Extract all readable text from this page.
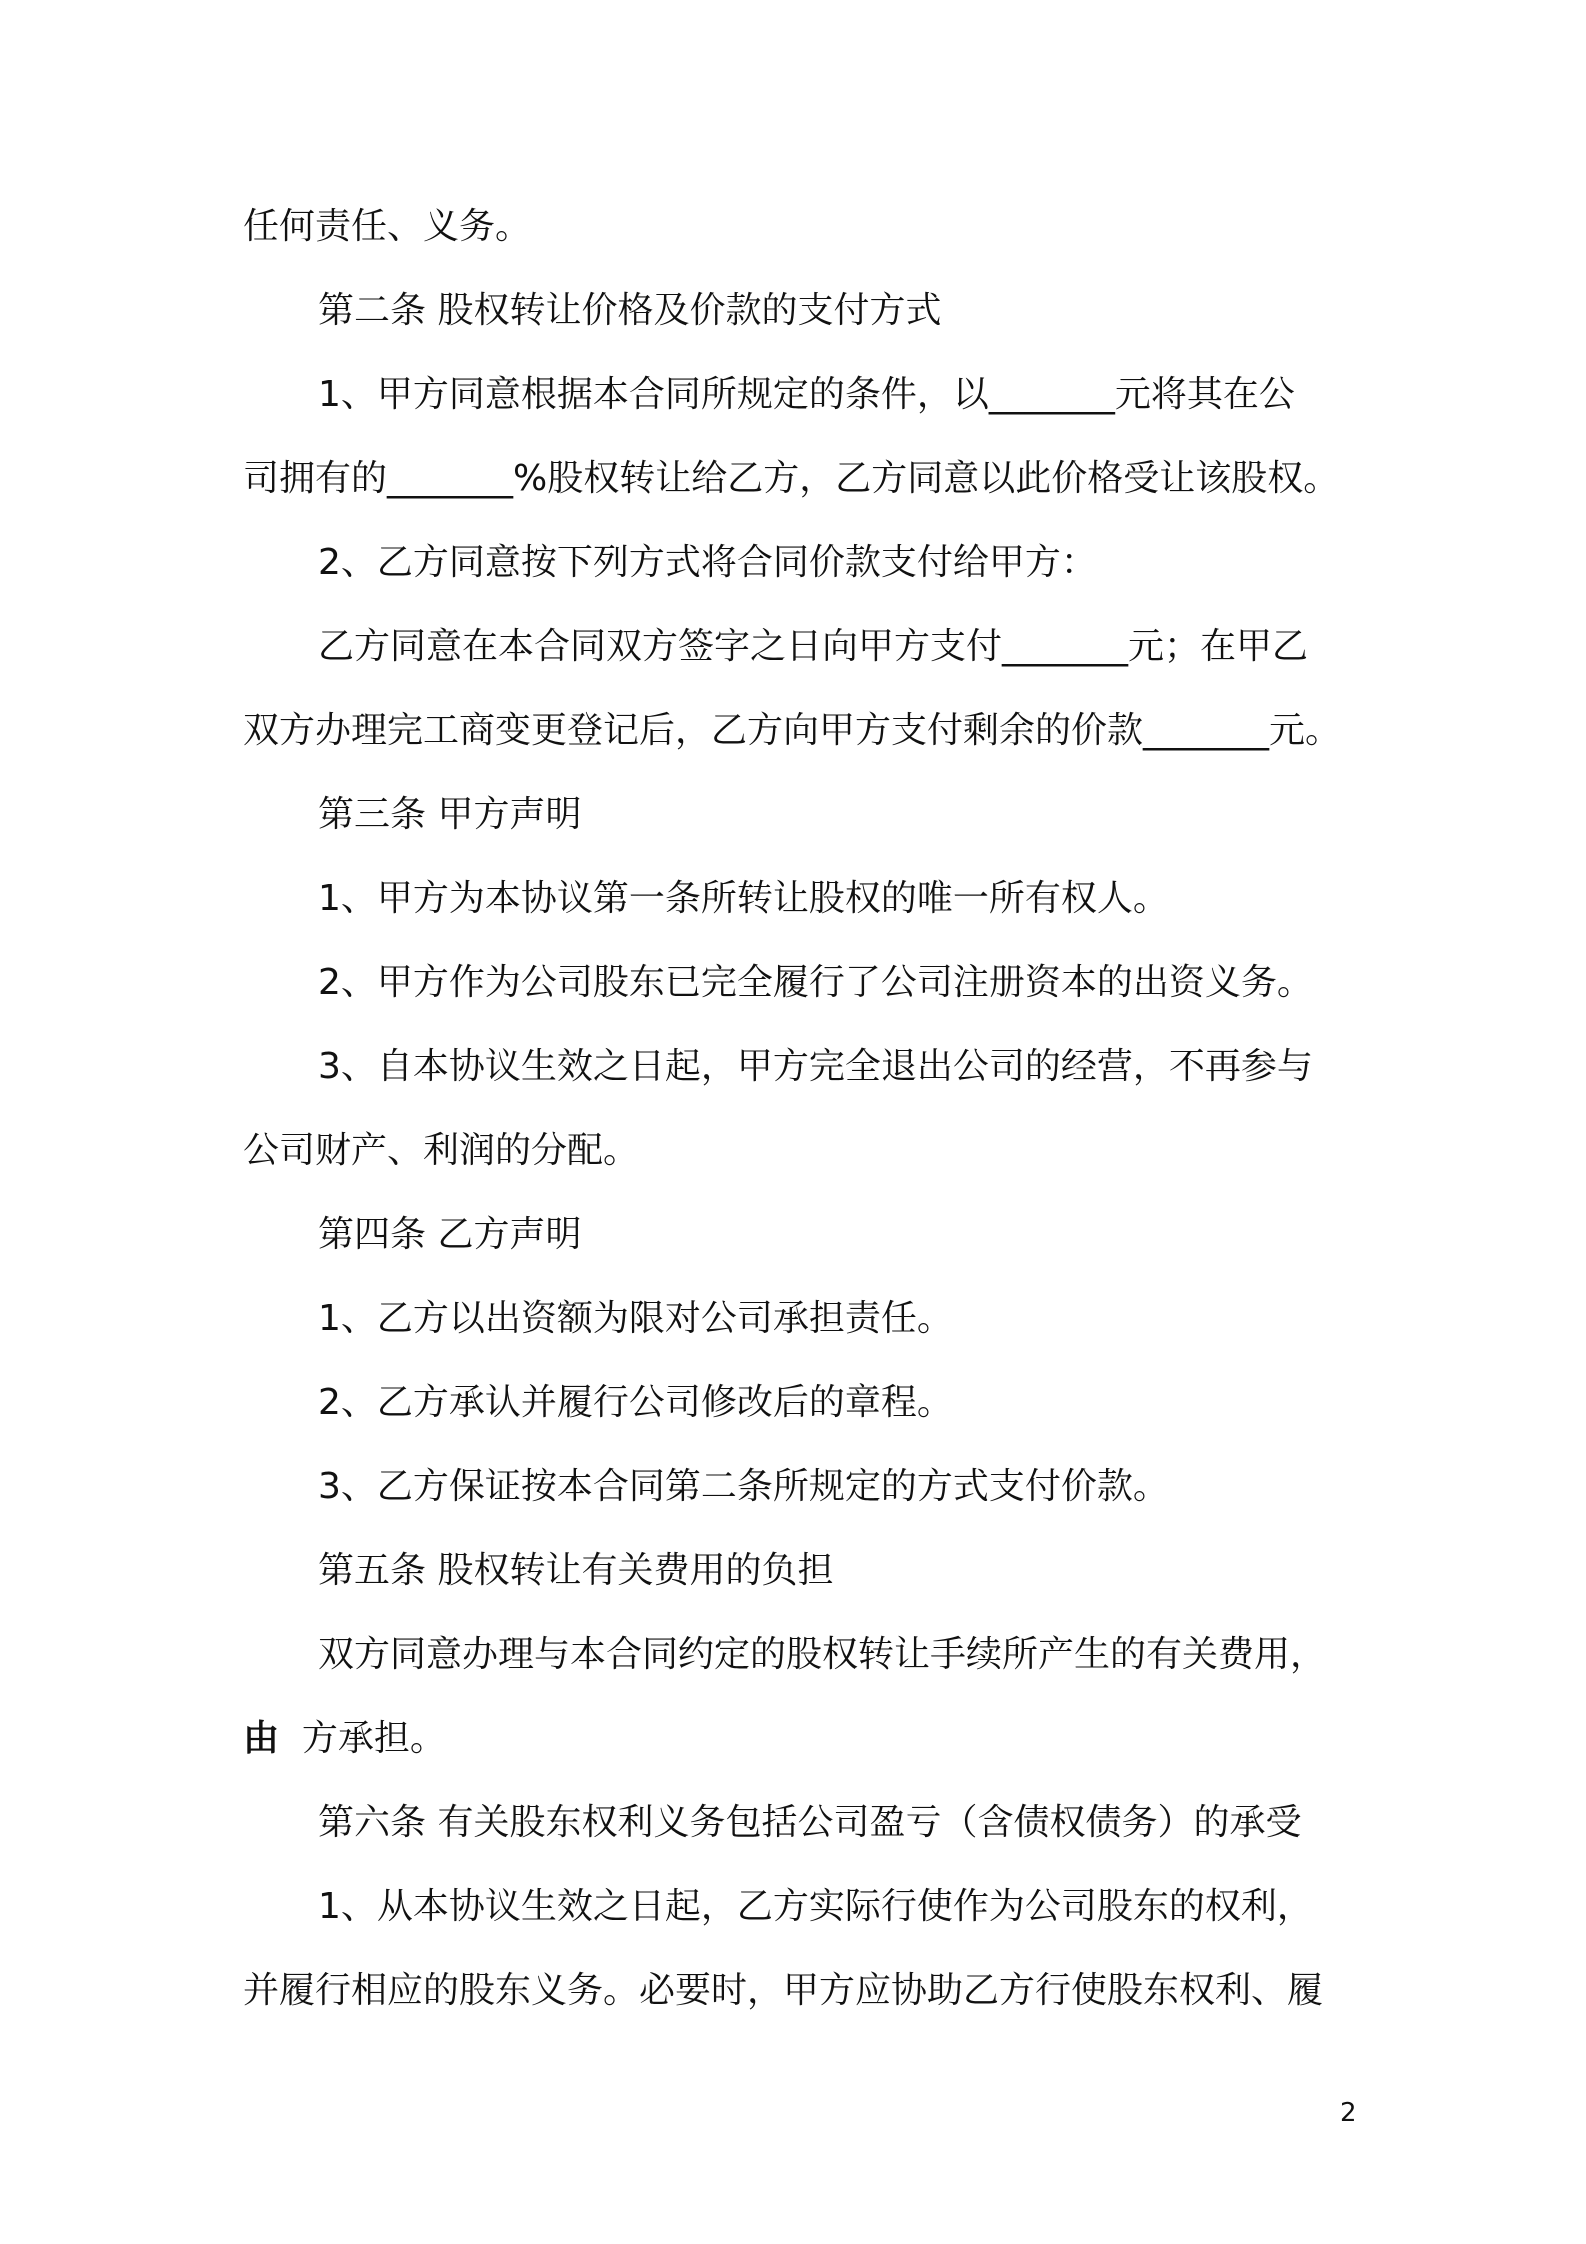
任何责任、义务。
第二条 股权转让价格及价款的支付方式
1、甲方同意根据本合同所规定的条件，以_______元将其在公
司拥有的_______%股权转让给乙方，乙方同意以此价格受让该股权。
2、乙方同意按下列方式将合同价款支付给甲方：
乙方同意在本合同双方签字之日向甲方支付_______元；在甲乙
双方办理完工商变更登记后，乙方向甲方支付剩余的价款_______元。
第三条 甲方声明
1、甲方为本协议第一条所转让股权的唯一所有权人。
2、甲方作为公司股东已完全履行了公司注册资本的出资义务。
3、自本协议生效之日起，甲方完全退出公司的经营，不再参与
公司财产、利润的分配。
第四条 乙方声明
1、乙方以出资额为限对公司承担责任。
2、乙方承认并履行公司修改后的章程。
3、乙方保证按本合同第二条所规定的方式支付价款。
第五条 股权转让有关费用的负担
双方同意办理与本合同约定的股权转让手续所产生的有关费用，
由 方承担。
第六条 有关股东权利义务包括公司盈亏（含债权债务）的承受
1、从本协议生效之日起，乙方实际行使作为公司股东的权利，
并履行相应的股东义务。必要时，甲方应协助乙方行使股东权利、履
2
